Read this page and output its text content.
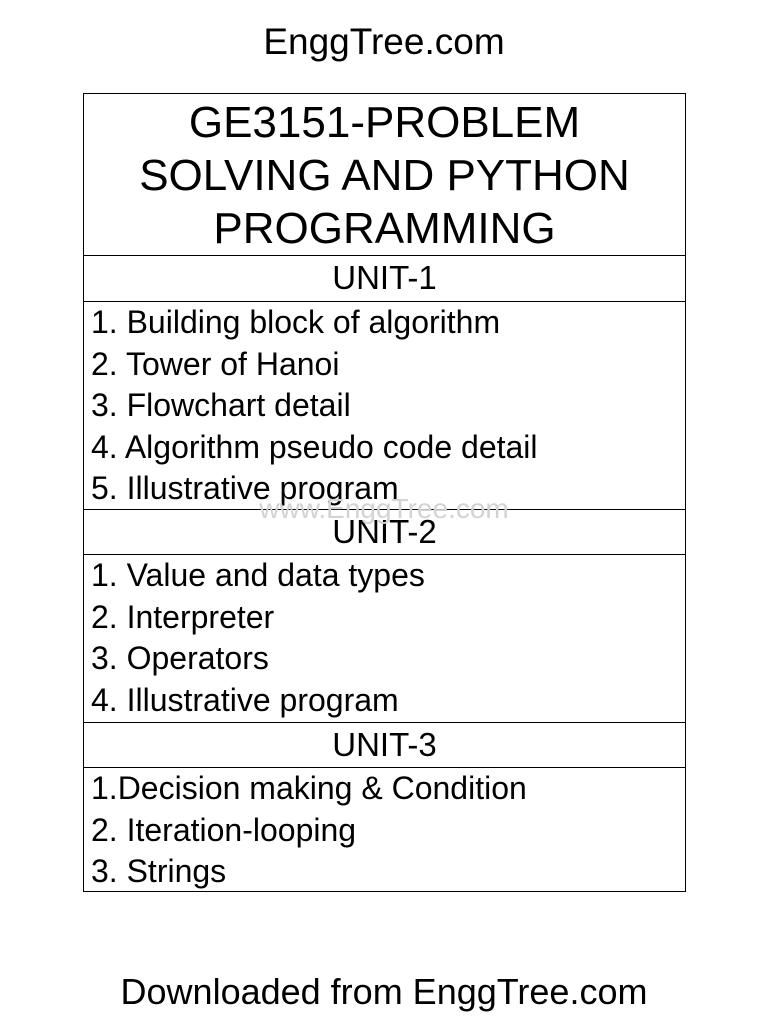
EnggTree.com
GE3151-PROBLEM
SOLVING AND PYTHON
PROGRAMMING
UNIT-1
1. Building block of algorithm
2. Tower of Hanoi
3. Flowchart detail
4. Algorithm pseudo code detail
5. Illustrative program
UNIT-2
1. Value and data types
2. Interpreter
3. Operators
4. Illustrative program
UNIT-3
1.Decision making & Condition
2. Iteration-looping
3. Strings
www.EnggTree.com
Downloaded from EnggTree.com
